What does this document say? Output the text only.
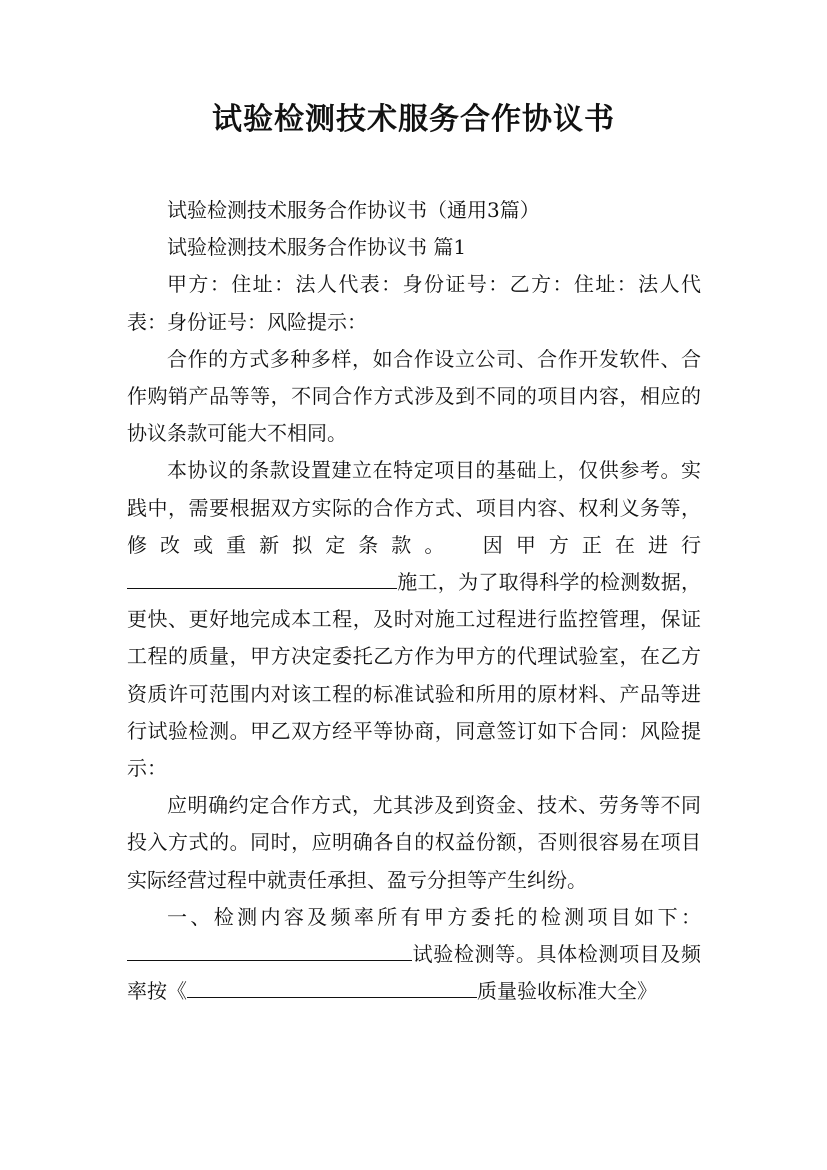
试验检测技术服务合作协议书

试验检测技术服务合作协议书（通用3篇）

试验检测技术服务合作协议书 篇1

甲方：住址：法人代表：身份证号：乙方：住址：法人代表：身份证号：风险提示：

合作的方式多种多样，如合作设立公司、合作开发软件、合作购销产品等等，不同合作方式涉及到不同的项目内容，相应的协议条款可能大不相同。

本协议的条款设置建立在特定项目的基础上，仅供参考。实践中，需要根据双方实际的合作方式、项目内容、权利义务等，修改或重新拟定条款。 因甲方正在进行施工，为了取得科学的检测数据，更快、更好地完成本工程，及时对施工过程进行监控管理，保证工程的质量，甲方决定委托乙方作为甲方的代理试验室，在乙方资质许可范围内对该工程的标准试验和所用的原材料、产品等进行试验检测。甲乙双方经平等协商，同意签订如下合同：风险提示：

应明确约定合作方式，尤其涉及到资金、技术、劳务等不同投入方式的。同时，应明确各自的权益份额，否则很容易在项目实际经营过程中就责任承担、盈亏分担等产生纠纷。

一、检测内容及频率所有甲方委托的检测项目如下：试验检测等。具体检测项目及频率按《	质量验收标准大全》
